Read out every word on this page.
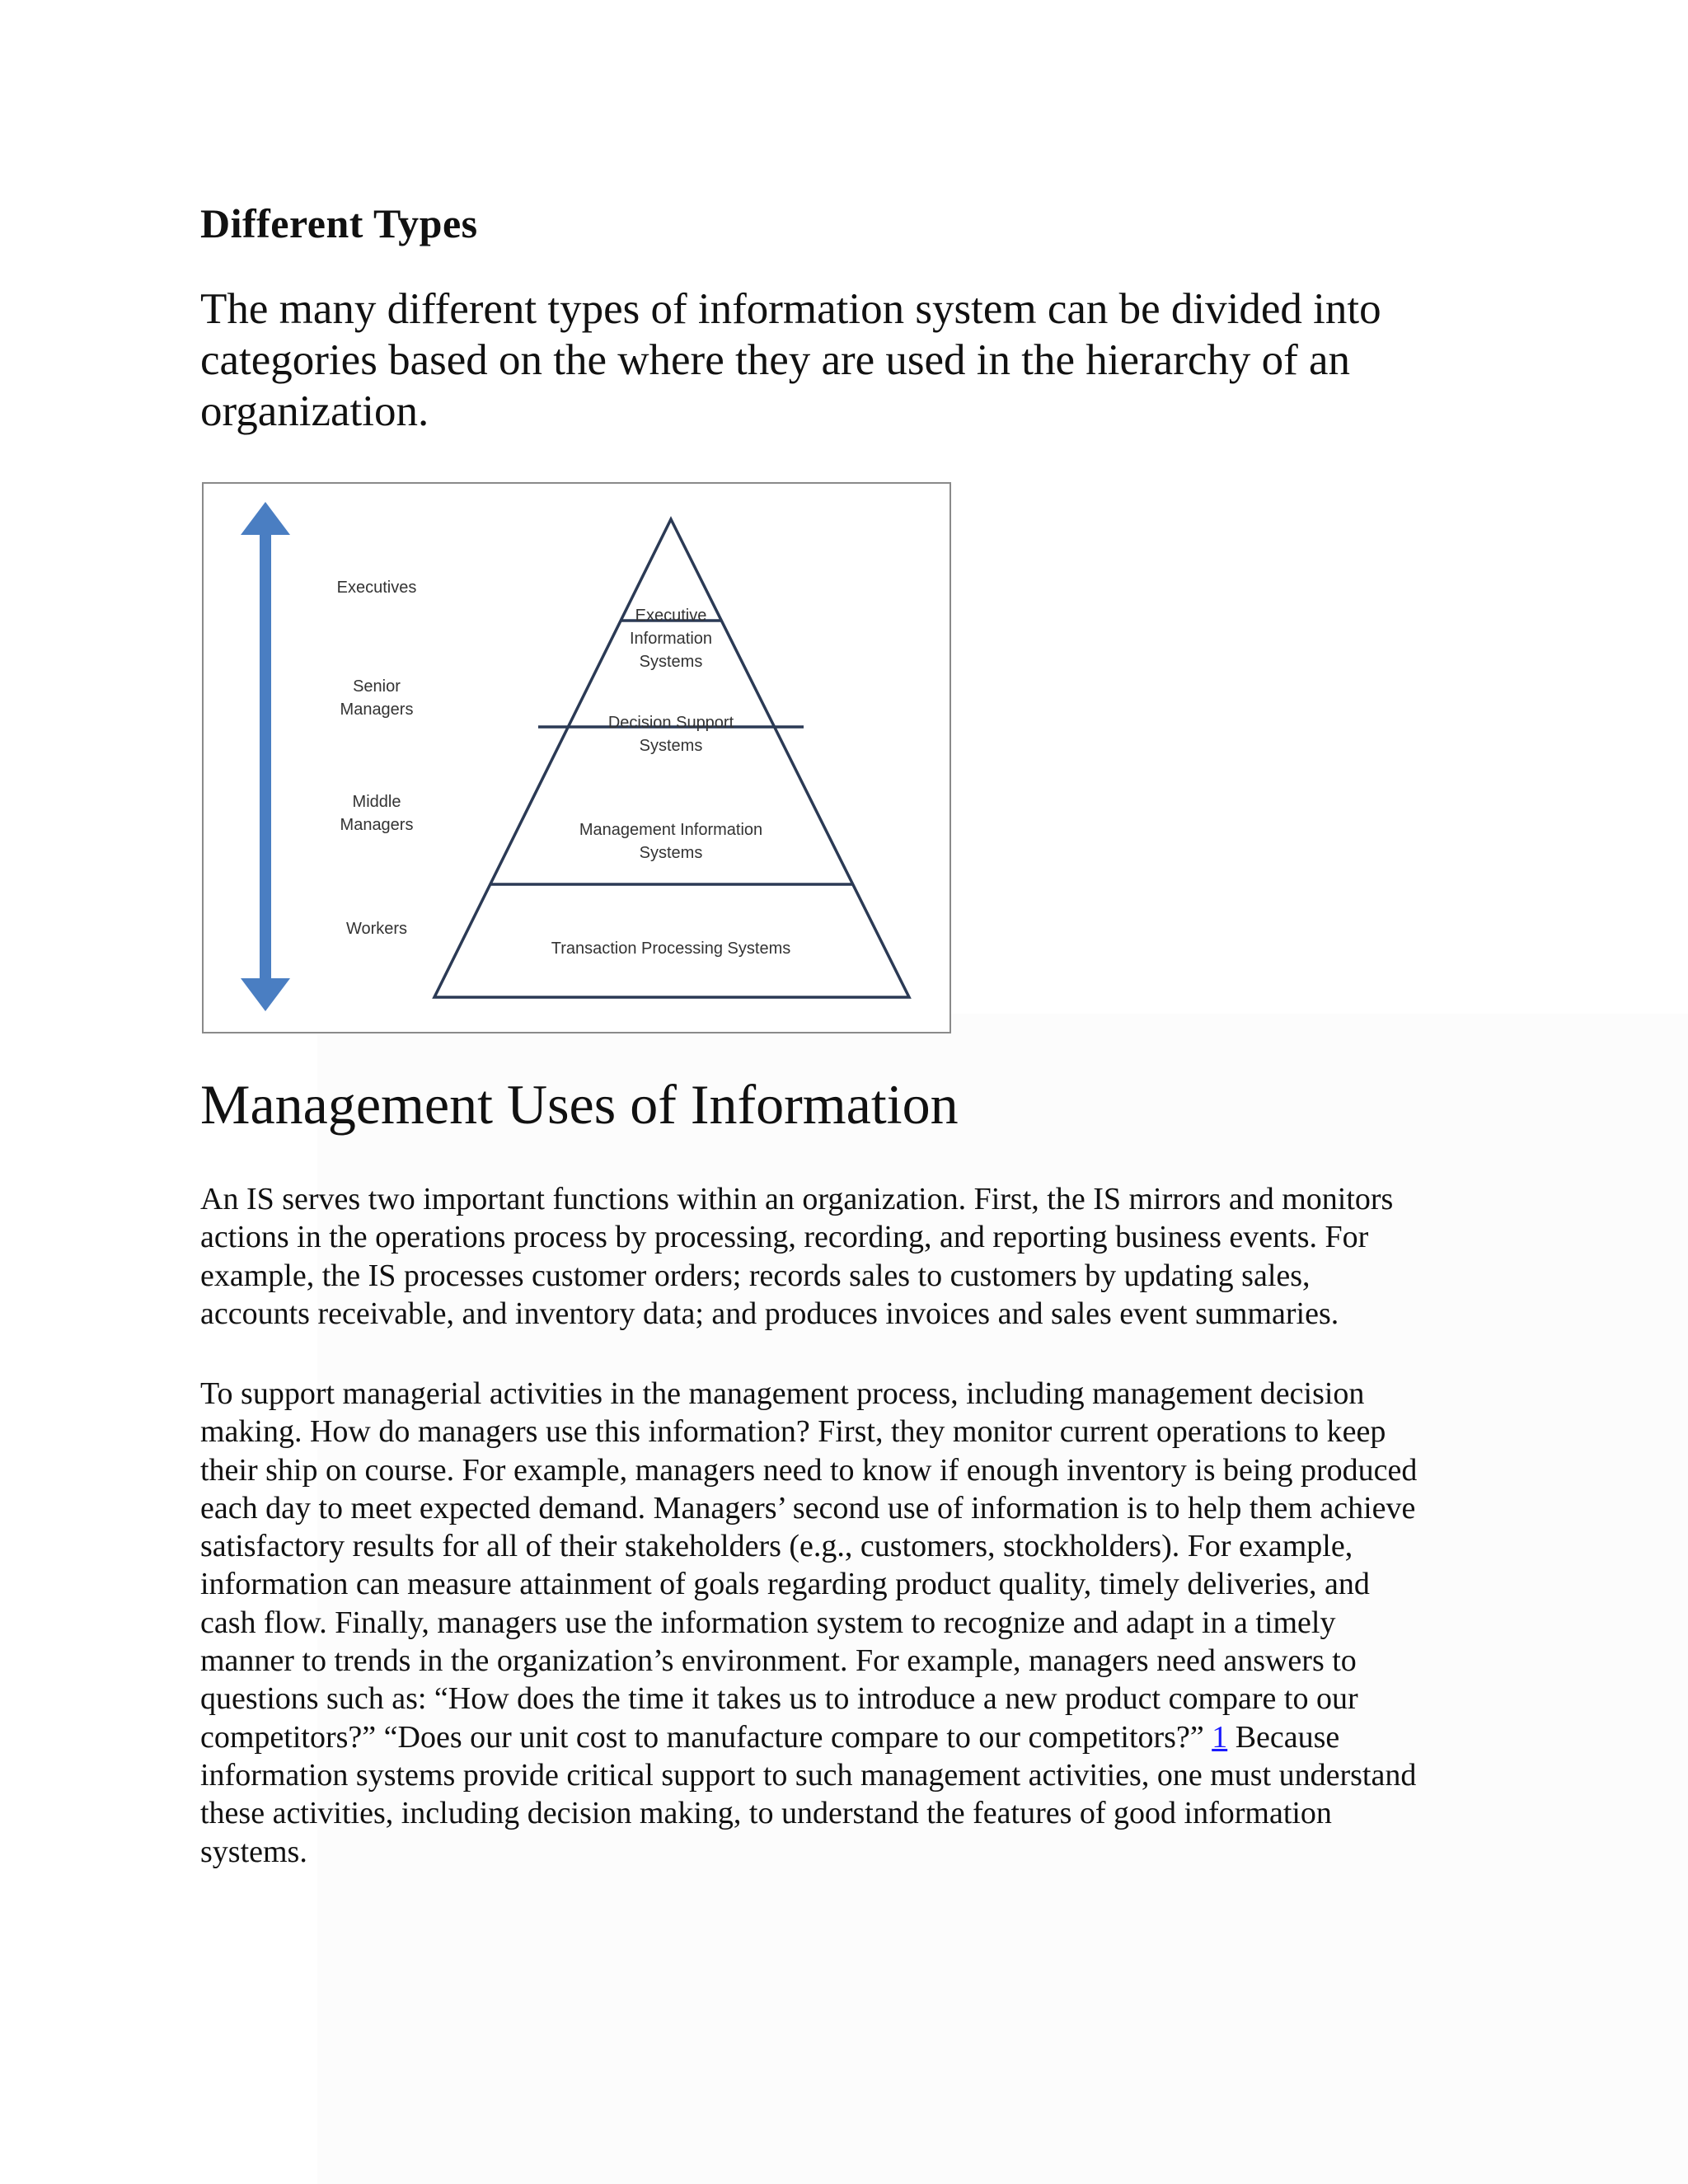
Different Types

The many different types of information system can be divided into
categories based on the where they are used in the hierarchy of an
organization.

Executives
Senior
Managers
Middle
Managers
Workers
Executive
Information
Systems
Decision Support
Systems
Management Information
Systems
Transaction Processing Systems
Management Uses of Information

An IS serves two important functions within an organization. First, the IS mirrors and monitors
actions in the operations process by processing, recording, and reporting business events. For
example, the IS processes customer orders; records sales to customers by updating sales,
accounts receivable, and inventory data; and produces invoices and sales event summaries.

To support managerial activities in the management process, including management decision
making. How do managers use this information? First, they monitor current operations to keep
their ship on course. For example, managers need to know if enough inventory is being produced
each day to meet expected demand. Managers’ second use of information is to help them achieve
satisfactory results for all of their stakeholders (e.g., customers, stockholders). For example,
information can measure attainment of goals regarding product quality, timely deliveries, and
cash flow. Finally, managers use the information system to recognize and adapt in a timely
manner to trends in the organization’s environment. For example, managers need answers to
questions such as: “How does the time it takes us to introduce a new product compare to our
competitors?” “Does our unit cost to manufacture compare to our competitors?” 1 Because
information systems provide critical support to such management activities, one must understand
these activities, including decision making, to understand the features of good information
systems.
